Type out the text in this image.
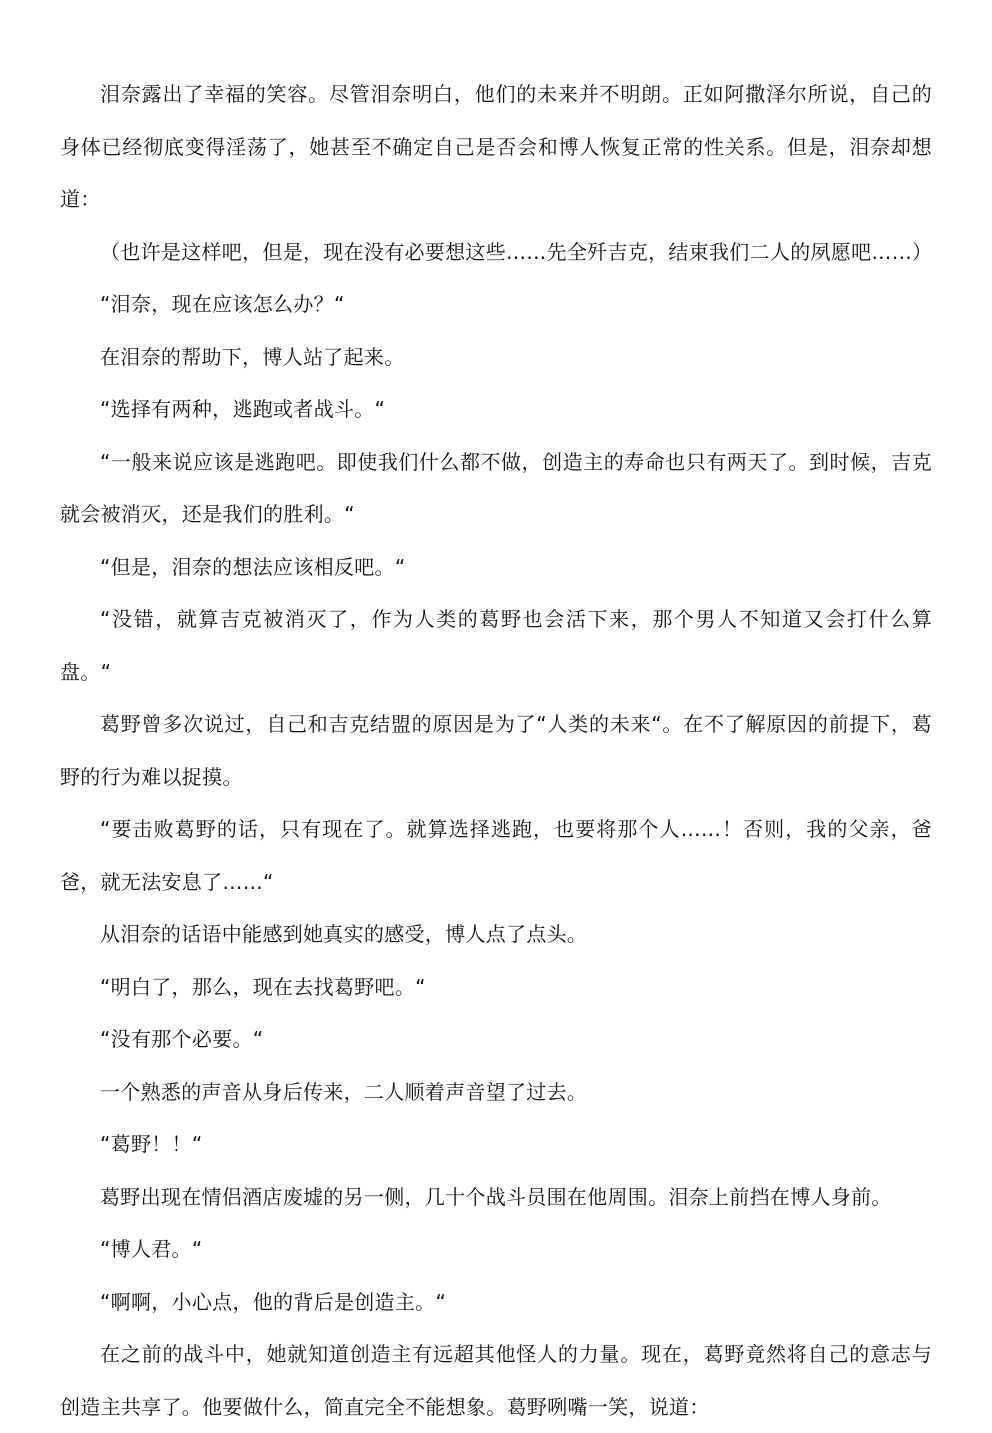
泪奈露出了幸福的笑容。尽管泪奈明白，他们的未来并不明朗。正如阿撒泽尔所说，自己的身体已经彻底变得淫荡了，她甚至不确定自己是否会和博人恢复正常的性关系。但是，泪奈却想道：

（也许是这样吧，但是，现在没有必要想这些……先全歼吉克，结束我们二人的夙愿吧……）

“泪奈，现在应该怎么办？“

在泪奈的帮助下，博人站了起来。

“选择有两种，逃跑或者战斗。“

“一般来说应该是逃跑吧。即使我们什么都不做，创造主的寿命也只有两天了。到时候，吉克就会被消灭，还是我们的胜利。“

“但是，泪奈的想法应该相反吧。“

“没错，就算吉克被消灭了，作为人类的葛野也会活下来，那个男人不知道又会打什么算盘。“

葛野曾多次说过，自己和吉克结盟的原因是为了“人类的未来“。在不了解原因的前提下，葛野的行为难以捉摸。

“要击败葛野的话，只有现在了。就算选择逃跑，也要将那个人……！否则，我的父亲，爸爸，就无法安息了……“

从泪奈的话语中能感到她真实的感受，博人点了点头。

“明白了，那么，现在去找葛野吧。“

“没有那个必要。“

一个熟悉的声音从身后传来，二人顺着声音望了过去。

“葛野！！“

葛野出现在情侣酒店废墟的另一侧，几十个战斗员围在他周围。泪奈上前挡在博人身前。

“博人君。“

“啊啊，小心点，他的背后是创造主。“

在之前的战斗中，她就知道创造主有远超其他怪人的力量。现在，葛野竟然将自己的意志与创造主共享了。他要做什么，简直完全不能想象。葛野咧嘴一笑，说道：
